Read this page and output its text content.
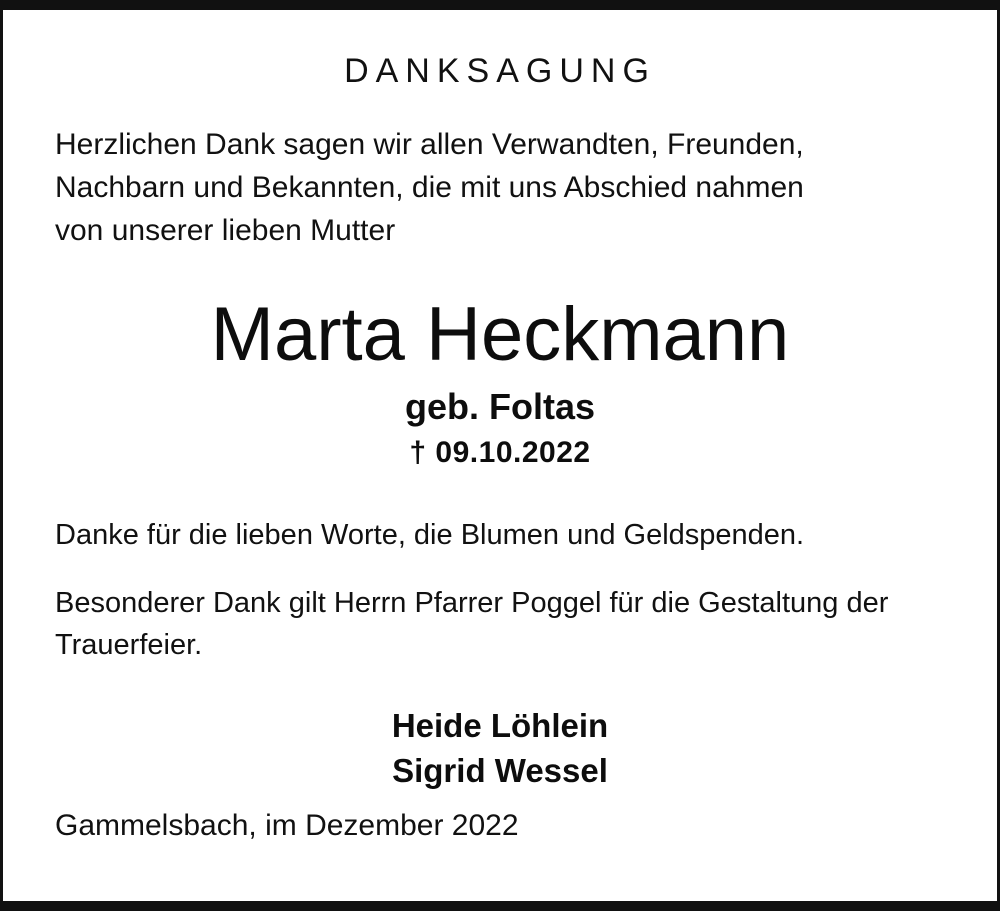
DANKSAGUNG
Herzlichen Dank sagen wir allen Verwandten, Freunden,
Nachbarn und Bekannten, die mit uns Abschied nahmen
von unserer lieben Mutter
Marta Heckmann
geb. Foltas
† 09.10.2022

Danke für die lieben Worte, die Blumen und Geldspenden.

Besonderer Dank gilt Herrn Pfarrer Poggel für die Gestaltung der Trauerfeier.

Heide Löhlein
Sigrid Wessel
Gammelsbach, im Dezember 2022
